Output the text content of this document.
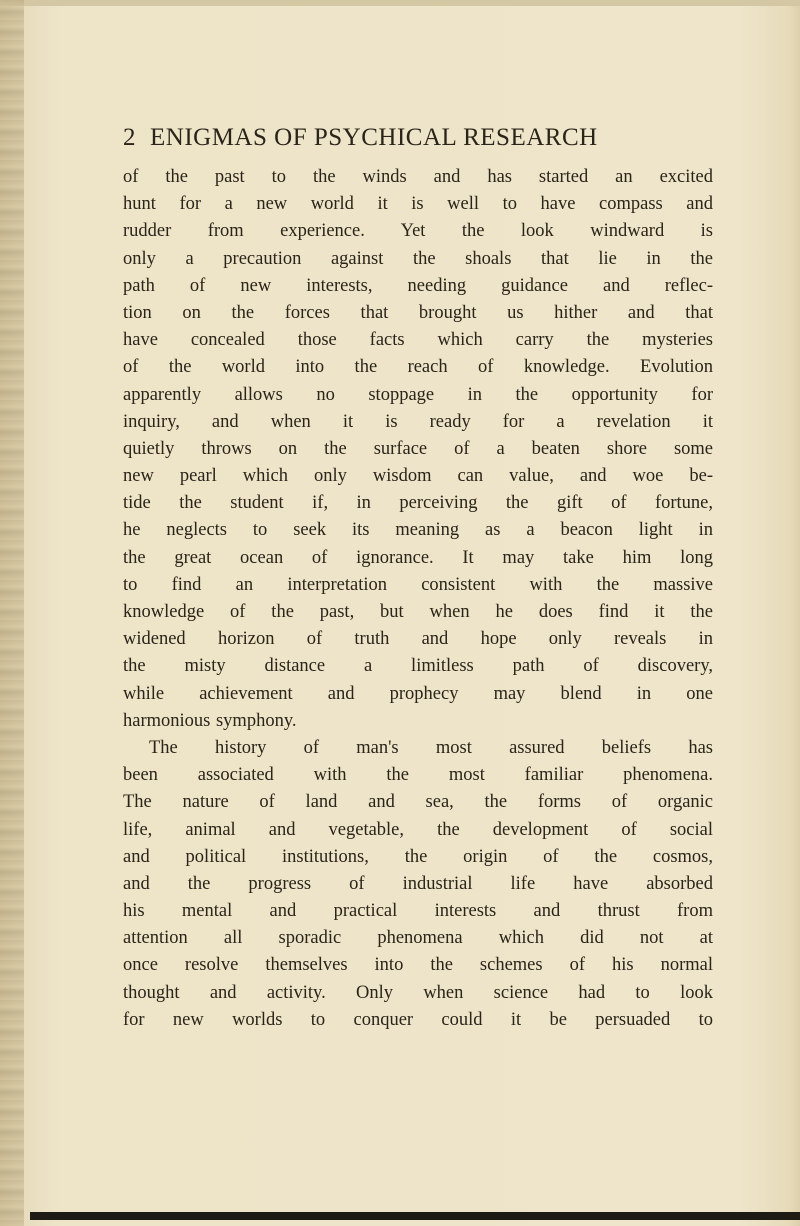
2 ENIGMAS OF PSYCHICAL RESEARCH
of the past to the winds and has started an excited
hunt for a new world it is well to have compass and
rudder from experience. Yet the look windward is
only a precaution against the shoals that lie in the
path of new interests, needing guidance and reflec-
tion on the forces that brought us hither and that
have concealed those facts which carry the mysteries
of the world into the reach of knowledge. Evolution
apparently allows no stoppage in the opportunity for
inquiry, and when it is ready for a revelation it
quietly throws on the surface of a beaten shore some
new pearl which only wisdom can value, and woe be-
tide the student if, in perceiving the gift of fortune,
he neglects to seek its meaning as a beacon light in
the great ocean of ignorance. It may take him long
to find an interpretation consistent with the massive
knowledge of the past, but when he does find it the
widened horizon of truth and hope only reveals in
the misty distance a limitless path of discovery,
while achievement and prophecy may blend in one
harmonious symphony.
The history of man's most assured beliefs has
been associated with the most familiar phenomena.
The nature of land and sea, the forms of organic
life, animal and vegetable, the development of social
and political institutions, the origin of the cosmos,
and the progress of industrial life have absorbed
his mental and practical interests and thrust from
attention all sporadic phenomena which did not at
once resolve themselves into the schemes of his normal
thought and activity. Only when science had to look
for new worlds to conquer could it be persuaded to
